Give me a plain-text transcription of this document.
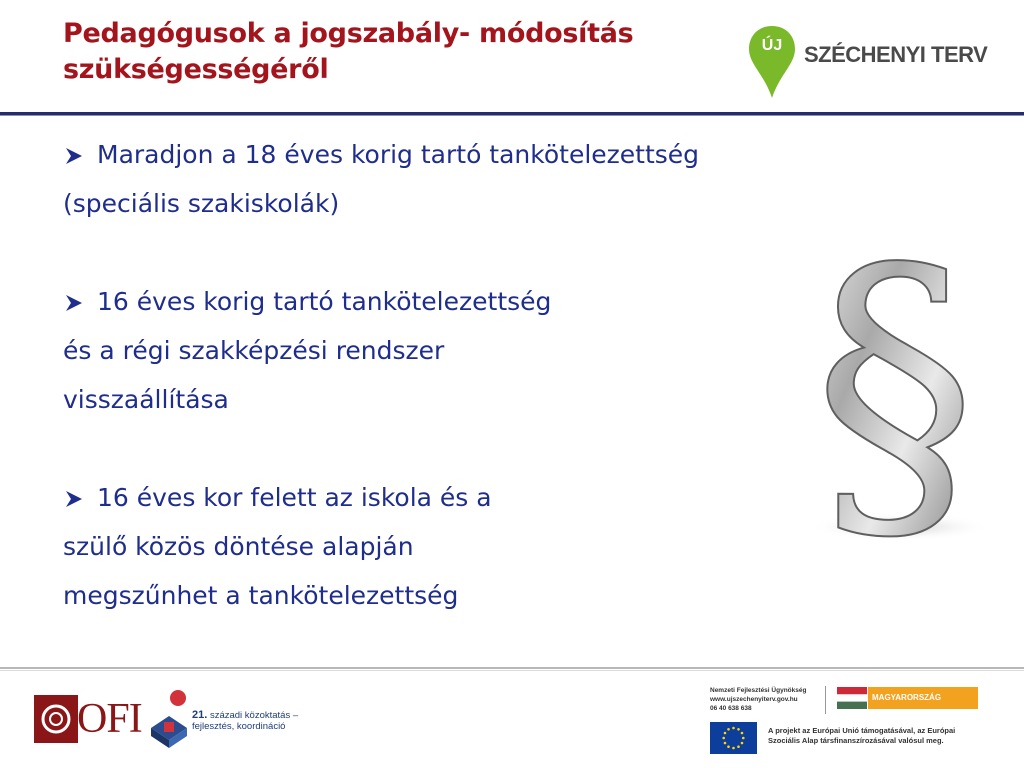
Pedagógusok a jogszabály- módosítás szükségességéről
ÚJ SZÉCHENYI TERV
Maradjon a 18 éves korig tartó tankötelezettség
(speciális szakiskolák)
16 éves korig tartó tankötelezettség
és a régi szakképzési rendszer
visszaállítása
16 éves kor felett az iskola és a
szülő közös döntése alapján
megszűnhet a tankötelezettség
§
OFI	21. századi közoktatás –
fejlesztés, koordináció
Nemzeti Fejlesztési Ügynökség
www.ujszechenyiterv.gov.hu
06 40 638 638
MAGYARORSZÁG MEGÚJUL
A projekt az Európai Unió támogatásával, az Európai
Szociális Alap társfinanszírozásával valósul meg.
